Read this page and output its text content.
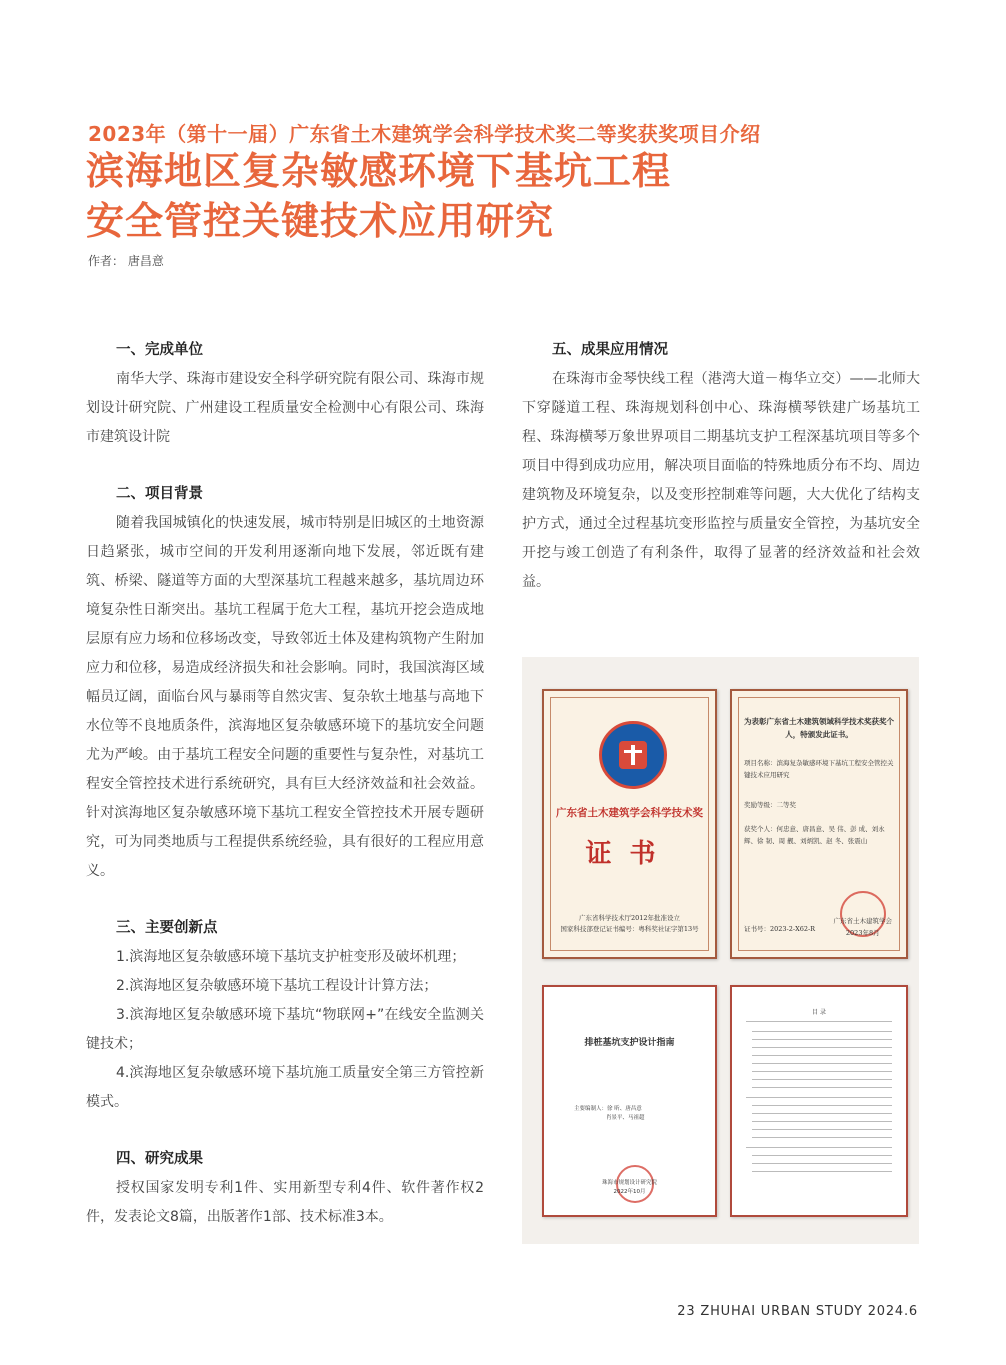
2023年（第十一届）广东省土木建筑学会科学技术奖二等奖获奖项目介绍
滨海地区复杂敏感环境下基坑工程
安全管控关键技术应用研究
作者： 唐昌意

一、完成单位

南华大学、珠海市建设安全科学研究院有限公司、珠海市规划设计研究院、广州建设工程质量安全检测中心有限公司、珠海市建筑设计院

二、项目背景

随着我国城镇化的快速发展，城市特别是旧城区的土地资源日趋紧张，城市空间的开发利用逐渐向地下发展，邻近既有建筑、桥梁、隧道等方面的大型深基坑工程越来越多，基坑周边环境复杂性日渐突出。基坑工程属于危大工程，基坑开挖会造成地层原有应力场和位移场改变，导致邻近土体及建构筑物产生附加应力和位移，易造成经济损失和社会影响。同时，我国滨海区域幅员辽阔，面临台风与暴雨等自然灾害、复杂软土地基与高地下水位等不良地质条件，滨海地区复杂敏感环境下的基坑安全问题尤为严峻。由于基坑工程安全问题的重要性与复杂性，对基坑工程安全管控技术进行系统研究，具有巨大经济效益和社会效益。针对滨海地区复杂敏感环境下基坑工程安全管控技术开展专题研究，可为同类地质与工程提供系统经验，具有很好的工程应用意义。

三、主要创新点

1.滨海地区复杂敏感环境下基坑支护桩变形及破坏机理；

2.滨海地区复杂敏感环境下基坑工程设计计算方法；

3.滨海地区复杂敏感环境下基坑“物联网+”在线安全监测关键技术；

4.滨海地区复杂敏感环境下基坑施工质量安全第三方管控新模式。

四、研究成果

授权国家发明专利1件、实用新型专利4件、软件著作权2件，发表论文8篇，出版著作1部、技术标准3本。

五、成果应用情况

在珠海市金琴快线工程（港湾大道－梅华立交）——北师大下穿隧道工程、珠海规划科创中心、珠海横琴铁建广场基坑工程、珠海横琴万象世界项目二期基坑支护工程深基坑项目等多个项目中得到成功应用，解决项目面临的特殊地质分布不均、周边建筑物及环境复杂，以及变形控制难等问题，大大优化了结构支护方式，通过全过程基坑变形监控与质量安全管控，为基坑安全开挖与竣工创造了有利条件，取得了显著的经济效益和社会效益。

广东省土木建筑学会科学技术奖
证书
广东省科学技术厅2012年批准设立
国家科技部登记证书编号：粤科奖社证字第13号
为表彰广东省土木建筑领域科学技术奖获奖个人，特颁发此证书。
项目名称：滨海复杂敏感环境下基坑工程安全管控关键技术应用研究
奖励等级：二等奖
获奖个人：何忠意、唐昌意、吴 伟、彭 成、刘永辉、徐 韧、周 靓、刘炳凯、赵 冬、张震山
证书号：2023-2-X62-R
广东省土木建筑学会
2023年8月
排桩基坑支护设计指南
主要编制人：徐 昕、唐昌意
肖景平、马祖超
珠海市规划设计研究院
2022年10月
目 录
23 ZHUHAI URBAN STUDY 2024.6
